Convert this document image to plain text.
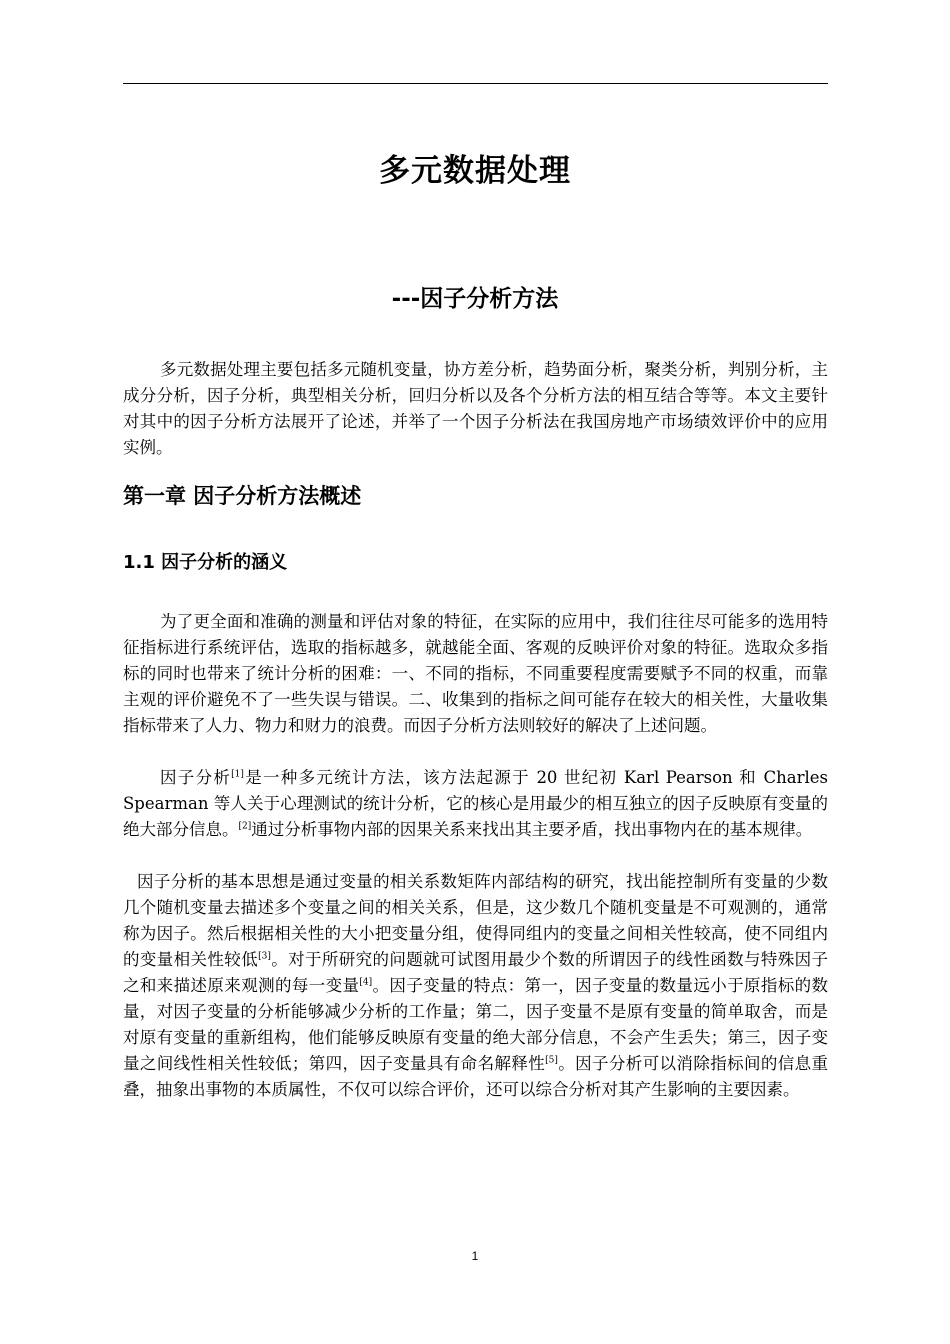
多元数据处理
---因子分析方法
多元数据处理主要包括多元随机变量，协方差分析，趋势面分析，聚类分析，判别分析，主成分分析，因子分析，典型相关分析，回归分析以及各个分析方法的相互结合等等。本文主要针对其中的因子分析方法展开了论述，并举了一个因子分析法在我国房地产市场绩效评价中的应用实例。
第一章 因子分析方法概述
1.1 因子分析的涵义
为了更全面和准确的测量和评估对象的特征，在实际的应用中，我们往往尽可能多的选用特征指标进行系统评估，选取的指标越多，就越能全面、客观的反映评价对象的特征。选取众多指标的同时也带来了统计分析的困难：一、不同的指标，不同重要程度需要赋予不同的权重，而靠主观的评价避免不了一些失误与错误。二、收集到的指标之间可能存在较大的相关性，大量收集指标带来了人力、物力和财力的浪费。而因子分析方法则较好的解决了上述问题。
因子分析[1]是一种多元统计方法，该方法起源于 20 世纪初 Karl Pearson 和 Charles Spearman 等人关于心理测试的统计分析，它的核心是用最少的相互独立的因子反映原有变量的绝大部分信息。[2]通过分析事物内部的因果关系来找出其主要矛盾，找出事物内在的基本规律。
因子分析的基本思想是通过变量的相关系数矩阵内部结构的研究，找出能控制所有变量的少数几个随机变量去描述多个变量之间的相关关系，但是，这少数几个随机变量是不可观测的，通常称为因子。然后根据相关性的大小把变量分组，使得同组内的变量之间相关性较高，使不同组内的变量相关性较低[3]。对于所研究的问题就可试图用最少个数的所谓因子的线性函数与特殊因子之和来描述原来观测的每一变量[4]。因子变量的特点：第一，因子变量的数量远小于原指标的数量，对因子变量的分析能够减少分析的工作量；第二，因子变量不是原有变量的简单取舍，而是对原有变量的重新组构，他们能够反映原有变量的绝大部分信息，不会产生丢失；第三，因子变量之间线性相关性较低；第四，因子变量具有命名解释性[5]。因子分析可以消除指标间的信息重叠，抽象出事物的本质属性，不仅可以综合评价，还可以综合分析对其产生影响的主要因素。
1
